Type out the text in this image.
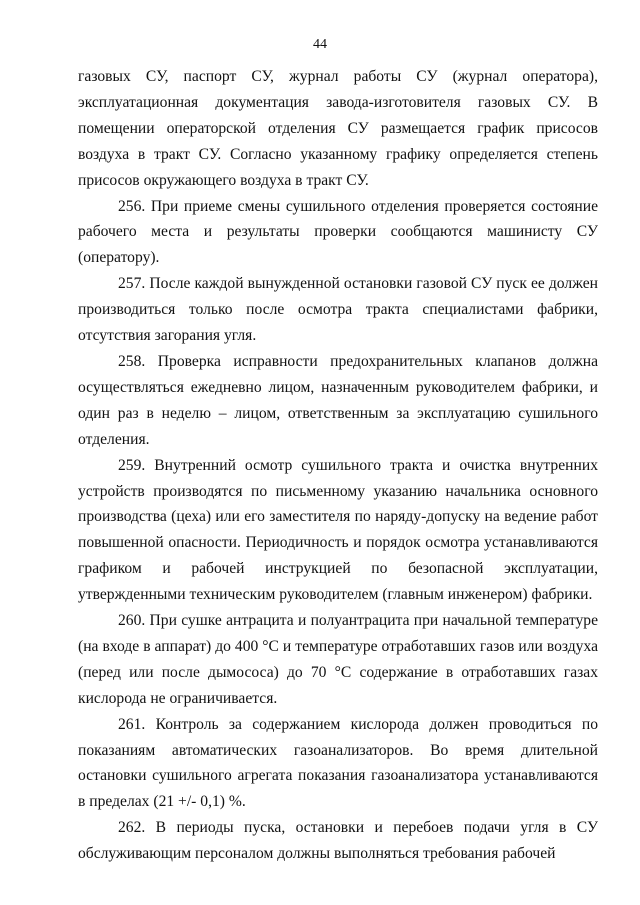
44

газовых СУ, паспорт СУ, журнал работы СУ (журнал оператора), эксплуатационная документация завода-изготовителя газовых СУ. В помещении операторской отделения СУ размещается график присосов воздуха в тракт СУ. Согласно указанному графику определяется степень присосов окружающего воздуха в тракт СУ.

256. При приеме смены сушильного отделения проверяется состояние рабочего места и результаты проверки сообщаются машинисту СУ (оператору).

257. После каждой вынужденной остановки газовой СУ пуск ее должен производиться только после осмотра тракта специалистами фабрики, отсутствия загорания угля.

258. Проверка исправности предохранительных клапанов должна осуществляться ежедневно лицом, назначенным руководителем фабрики, и один раз в неделю – лицом, ответственным за эксплуатацию сушильного отделения.

259. Внутренний осмотр сушильного тракта и очистка внутренних устройств производятся по письменному указанию начальника основного производства (цеха) или его заместителя по наряду-допуску на ведение работ повышенной опасности. Периодичность и порядок осмотра устанавливаются графиком и рабочей инструкцией по безопасной эксплуатации, утвержденными техническим руководителем (главным инженером) фабрики.

260. При сушке антрацита и полуантрацита при начальной температуре (на входе в аппарат) до 400 °С и температуре отработавших газов или воздуха (перед или после дымососа) до 70 °С содержание в отработавших газах кислорода не ограничивается.

261. Контроль за содержанием кислорода должен проводиться по показаниям автоматических газоанализаторов. Во время длительной остановки сушильного агрегата показания газоанализатора устанавливаются в пределах (21 +/- 0,1) %.

262. В периоды пуска, остановки и перебоев подачи угля в СУ обслуживающим персоналом должны выполняться требования рабочей
